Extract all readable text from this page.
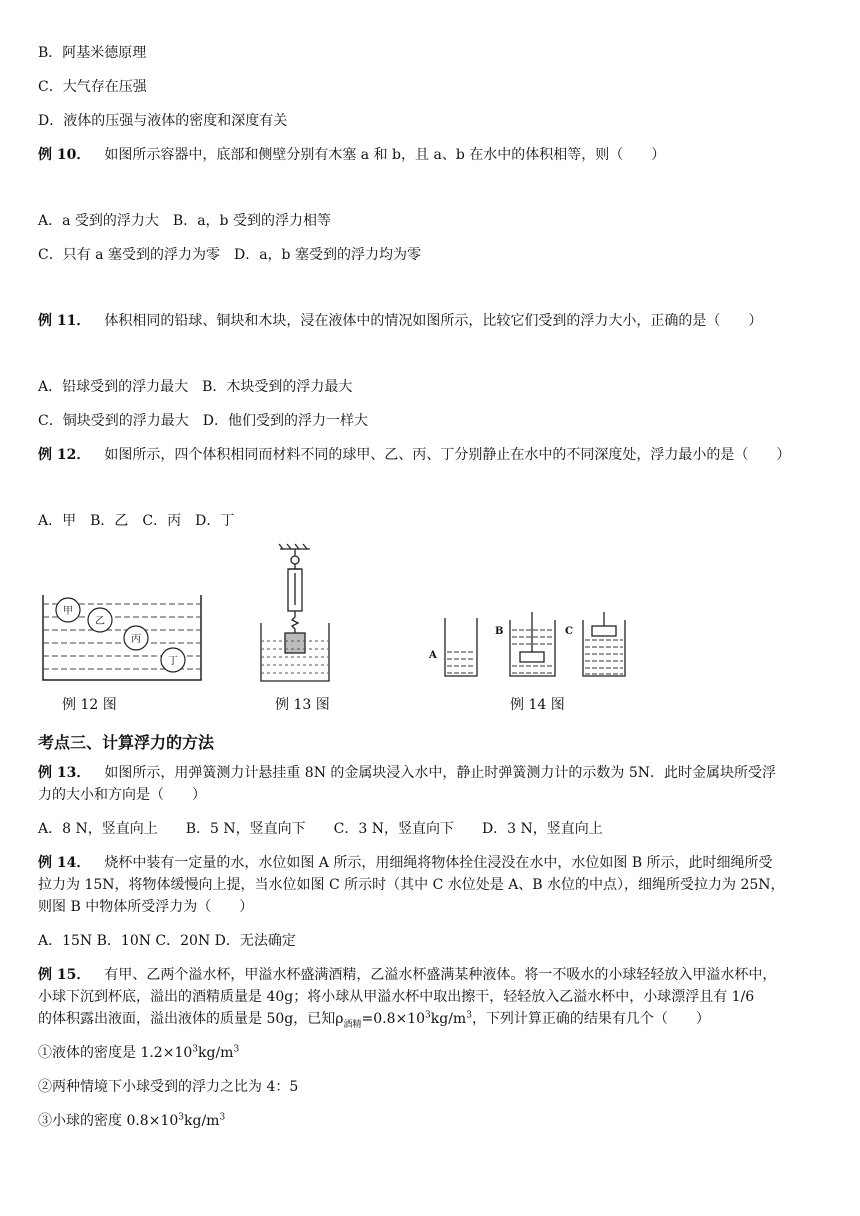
B．阿基米德原理
C．大气存在压强
D．液体的压强与液体的密度和深度有关
例 10． 如图所示容器中，底部和侧壁分别有木塞 a 和 b，且 a、b 在水中的体积相等，则（　　）
A．a 受到的浮力大 B．a，b 受到的浮力相等
C．只有 a 塞受到的浮力为零 D．a，b 塞受到的浮力均为零
例 11． 体积相同的铅球、铜块和木块，浸在液体中的情况如图所示，比较它们受到的浮力大小，正确的是（　　）
A．铅球受到的浮力最大 B．木块受到的浮力最大
C．铜块受到的浮力最大 D．他们受到的浮力一样大
例 12． 如图所示，四个体积相同而材料不同的球甲、乙、丙、丁分别静止在水中的不同深度处，浮力最小的是（　　）
A．甲 B．乙 C．丙 D．丁
甲
乙
丙
丁
例 12 图	例 13 图
A
B	C
例 14 图
考点三、计算浮力的方法
例 13． 如图所示，用弹簧测力计悬挂重 8N 的金属块浸入水中，静止时弹簧测力计的示数为 5N．此时金属块所受浮
力的大小和方向是（　　）
A．8 N，竖直向上 B．5 N，竖直向下 C．3 N，竖直向下 D．3 N，竖直向上
例 14． 烧杯中装有一定量的水，水位如图 A 所示，用细绳将物体拴住浸没在水中，水位如图 B 所示，此时细绳所受
拉力为 15N，将物体缓慢向上提，当水位如图 C 所示时（其中 C 水位处是 A、B 水位的中点），细绳所受拉力为 25N，
则图 B 中物体所受浮力为（　　）
A．15N B．10N C．20N D．无法确定
例 15． 有甲、乙两个溢水杯，甲溢水杯盛满酒精，乙溢水杯盛满某种液体。将一不吸水的小球轻轻放入甲溢水杯中，
小球下沉到杯底，溢出的酒精质量是 40g；将小球从甲溢水杯中取出擦干，轻轻放入乙溢水杯中，小球漂浮且有 1/6
的体积露出液面，溢出液体的质量是 50g，已知$\rho_{酒精}=0.8\times 10^3kg/m^3$，下列计算正确的结果有几个（　　）
①液体的密度是 $1.2\times 10^3kg/m^3$
②两种情境下小球受到的浮力之比为 4：5
③小球的密度 $0.8\times 10^3kg/m^3$
